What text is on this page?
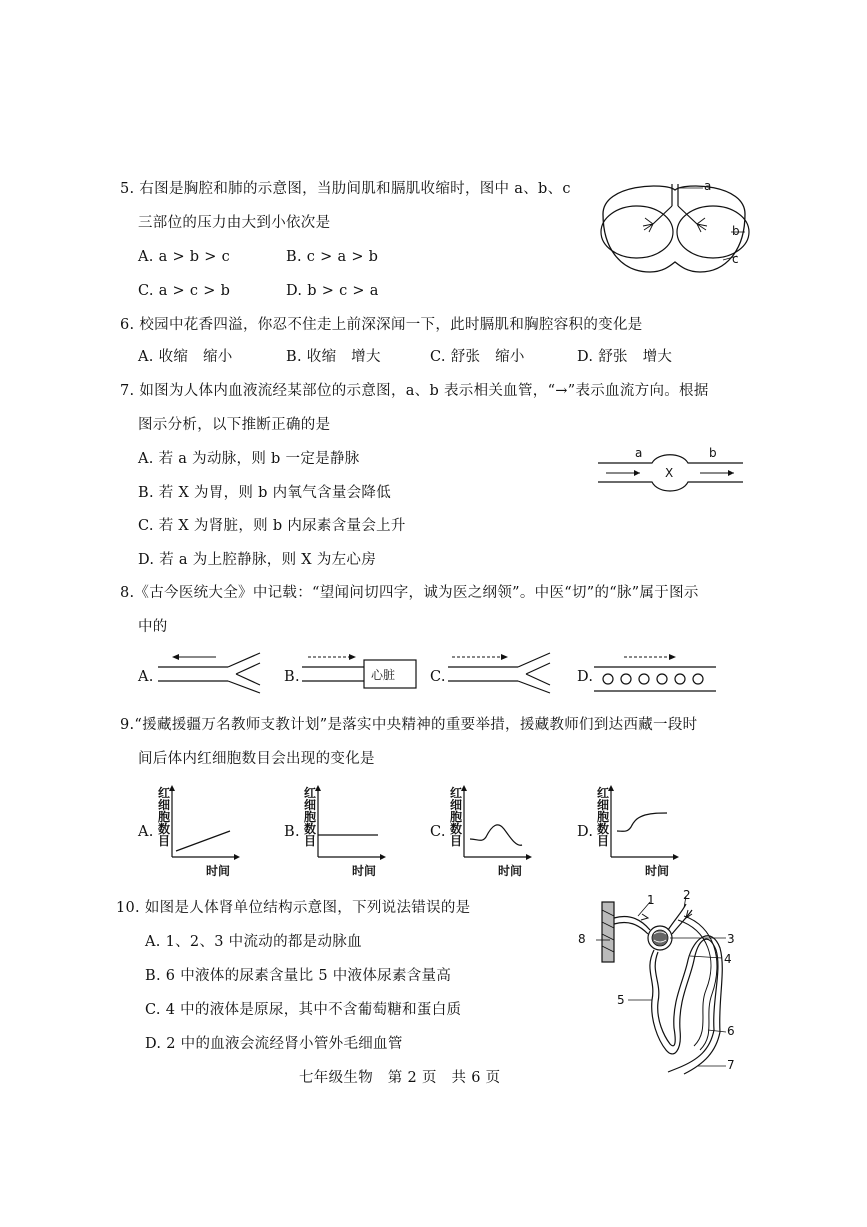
5. 右图是胸腔和肺的示意图，当肋间肌和膈肌收缩时，图中 a、b、c
三部位的压力由大到小依次是
A. a > b > c	B. c > a > b
C. a > c > b	D. b > c > a
a
b
c
6. 校园中花香四溢，你忍不住走上前深深闻一下，此时膈肌和胸腔容积的变化是
A. 收缩　缩小	B. 收缩　增大	C. 舒张　缩小	D. 舒张　增大
7. 如图为人体内血液流经某部位的示意图，a、b 表示相关血管，“→”表示血流方向。根据
图示分析，以下推断正确的是
A. 若 a 为动脉，则 b 一定是静脉
B. 若 X 为胃，则 b 内氧气含量会降低
C. 若 X 为肾脏，则 b 内尿素含量会上升
D. 若 a 为上腔静脉，则 X 为左心房
a
X
b
8.《古今医统大全》中记载：“望闻问切四字，诚为医之纲领”。中医“切”的“脉”属于图示
中的
A.	B.	心脏 C.	D.
9.“援藏援疆万名教师支教计划”是落实中央精神的重要举措，援藏教师们到达西藏一段时
间后体内红细胞数目会出现的变化是
A.
红细胞数目
时间
B.
红细胞数目
时间
C.
红细胞数目
时间
D.
红细胞数目
时间
10. 如图是人体肾单位结构示意图，下列说法错误的是
A. 1、2、3 中流动的都是动脉血
B. 6 中液体的尿素含量比 5 中液体尿素含量高
C. 4 中的液体是原尿，其中不含葡萄糖和蛋白质
D. 2 中的血液会流经肾小管外毛细血管
1 2
3
4
5
6
7
8
七年级生物　第 2 页　共 6 页
